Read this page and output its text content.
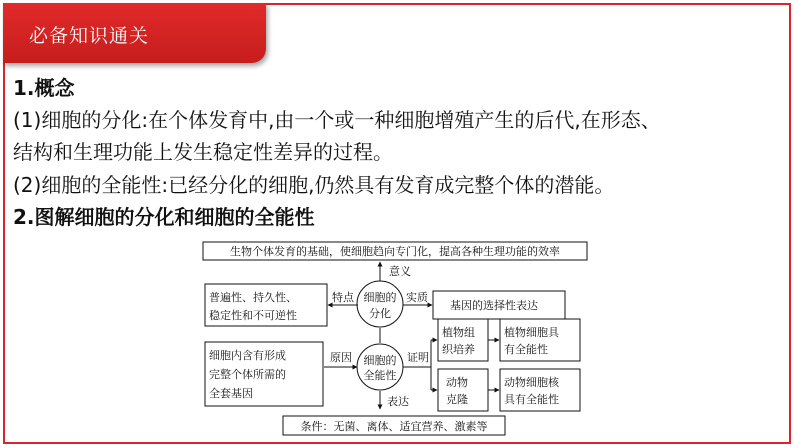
必备知识通关
1.概念
(1)细胞的分化:在个体发育中,由一个或一种细胞增殖产生的后代,在形态、
结构和生理功能上发生稳定性差异的过程。
(2)细胞的全能性:已经分化的细胞,仍然具有发育成完整个体的潜能。
2.图解细胞的分化和细胞的全能性
生物个体发育的基础，使细胞趋向专门化，提高各种生理功能的效率
意义
细胞的
分化
特点	实质
普遍性、持久性、
稳定性和不可逆性
基因的选择性表达
细胞的
全能性
原因	证明
细胞内含有形成
完整个体所需的
全套基因
植物组
织培养
动物
克隆
植物细胞具
有全能性
动物细胞核
具有全能性
表达
条件：无菌、离体、适宜营养、激素等
